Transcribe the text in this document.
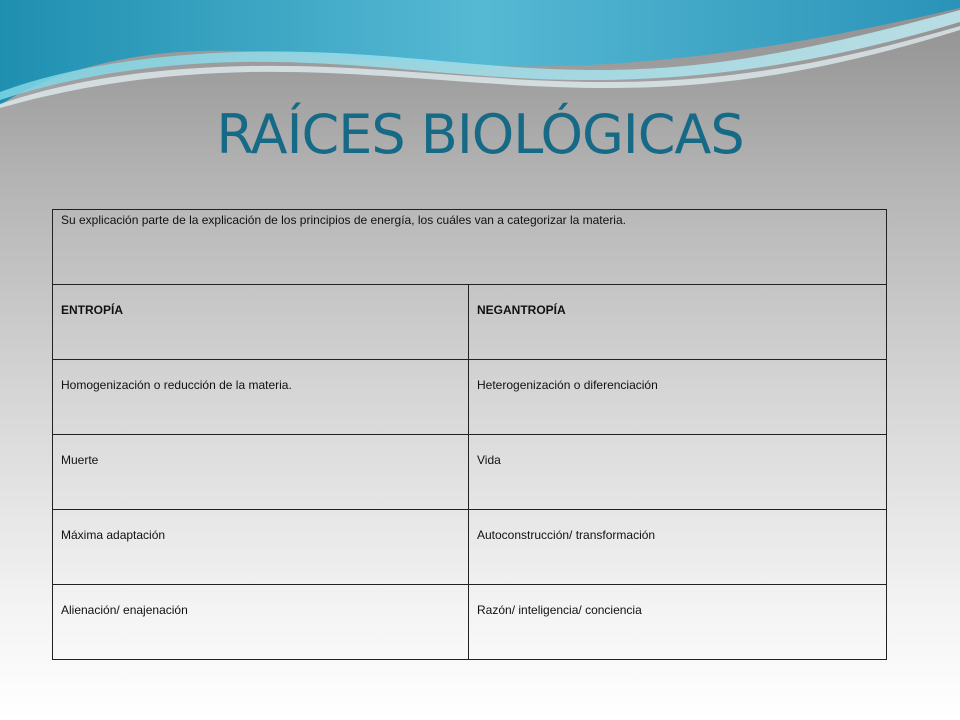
RAÍCES BIOLÓGICAS
Su explicación parte de la explicación de los principios de energía, los cuáles van a categorizar la materia.	
ENTROPÍA	NEGANTROPÍA
Homogenización o reducción de la materia.	Heterogenización o diferenciación
Muerte	Vida
Máxima adaptación	Autoconstrucción/ transformación
Alienación/ enajenación	Razón/ inteligencia/ conciencia
